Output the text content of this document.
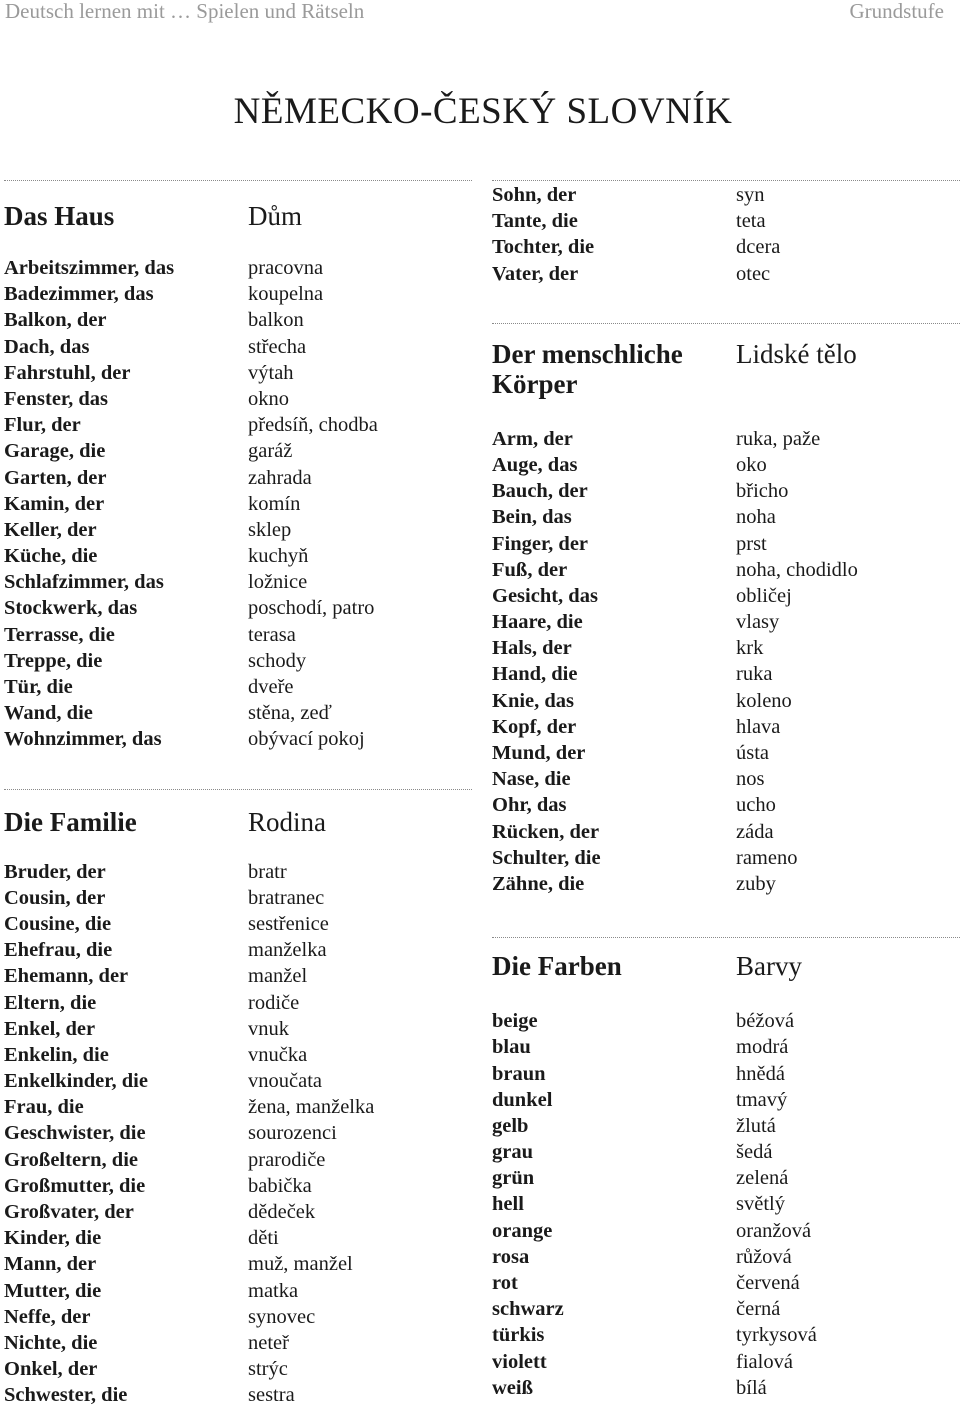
Deutsch lernen mit … Spielen und Rätseln	Grundstufe
NĚMECKO-ČESKÝ SLOVNÍK
Das Haus	Dům
Arbeitszimmer, das	pracovna
Badezimmer, das	koupelna
Balkon, der	balkon
Dach, das	střecha
Fahrstuhl, der	výtah
Fenster, das	okno
Flur, der	předsíň, chodba
Garage, die	garáž
Garten, der	zahrada
Kamin, der	komín
Keller, der	sklep
Küche, die	kuchyň
Schlafzimmer, das	ložnice
Stockwerk, das	poschodí, patro
Terrasse, die	terasa
Treppe, die	schody
Tür, die	dveře
Wand, die	stěna, zeď
Wohnzimmer, das	obývací pokoj
Die Familie	Rodina
Bruder, der	bratr
Cousin, der	bratranec
Cousine, die	sestřenice
Ehefrau, die	manželka
Ehemann, der	manžel
Eltern, die	rodiče
Enkel, der	vnuk
Enkelin, die	vnučka
Enkelkinder, die	vnoučata
Frau, die	žena, manželka
Geschwister, die	sourozenci
Großeltern, die	prarodiče
Großmutter, die	babička
Großvater, der	dědeček
Kinder, die	děti
Mann, der	muž, manžel
Mutter, die	matka
Neffe, der	synovec
Nichte, die	neteř
Onkel, der	strýc
Schwester, die	sestra
Sohn, der	syn
Tante, die	teta
Tochter, die	dcera
Vater, der	otec
Der menschliche
Körper
Lidské tělo
Arm, der	ruka, paže
Auge, das	oko
Bauch, der	břicho
Bein, das	noha
Finger, der	prst
Fuß, der	noha, chodidlo
Gesicht, das	obličej
Haare, die	vlasy
Hals, der	krk
Hand, die	ruka
Knie, das	koleno
Kopf, der	hlava
Mund, der	ústa
Nase, die	nos
Ohr, das	ucho
Rücken, der	záda
Schulter, die	rameno
Zähne, die	zuby
Die Farben	Barvy
beige	béžová
blau	modrá
braun	hnědá
dunkel	tmavý
gelb	žlutá
grau	šedá
grün	zelená
hell	světlý
orange	oranžová
rosa	růžová
rot	červená
schwarz	černá
türkis	tyrkysová
violett	fialová
weiß	bílá
